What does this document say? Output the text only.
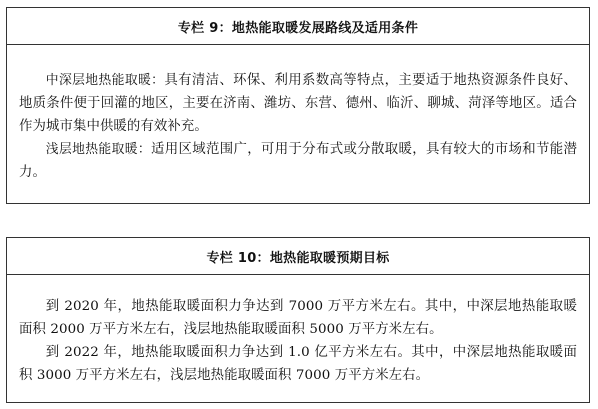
专栏 9：地热能取暖发展路线及适用条件

中深层地热能取暖：具有清洁、环保、利用系数高等特点，主要适于地热资源条件良好、地质条件便于回灌的地区，主要在济南、潍坊、东营、德州、临沂、聊城、菏泽等地区。适合作为城市集中供暖的有效补充。

浅层地热能取暖：适用区域范围广，可用于分布式或分散取暖，具有较大的市场和节能潜力。

专栏 10：地热能取暖预期目标

到 2020 年，地热能取暖面积力争达到 7000 万平方米左右。其中，中深层地热能取暖面积 2000 万平方米左右，浅层地热能取暖面积 5000 万平方米左右。

到 2022 年，地热能取暖面积力争达到 1.0 亿平方米左右。其中，中深层地热能取暖面积 3000 万平方米左右，浅层地热能取暖面积 7000 万平方米左右。
